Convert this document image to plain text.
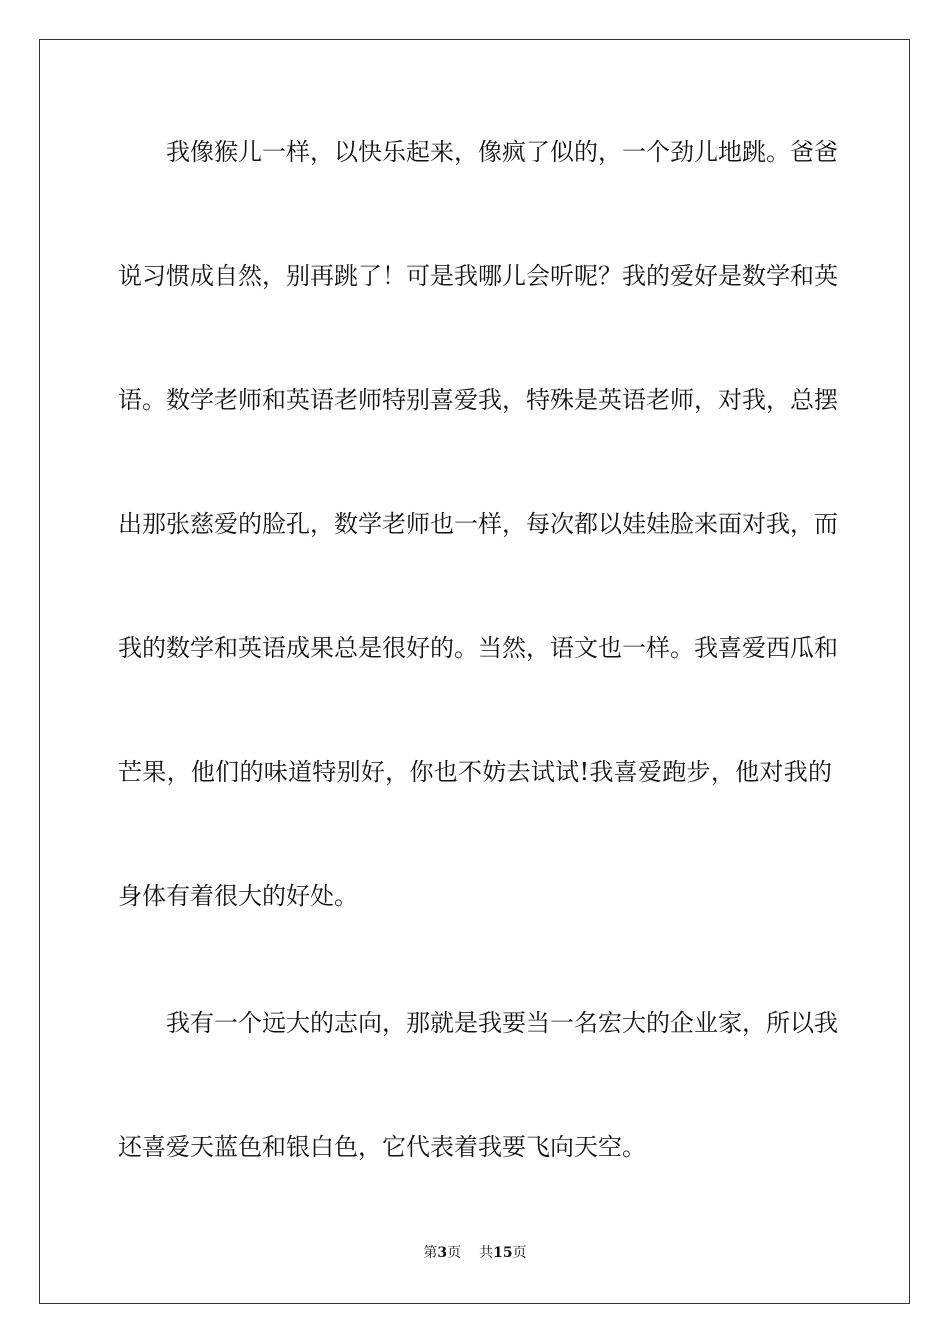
我像猴儿一样，以快乐起来，像疯了似的，一个劲儿地跳。爸爸
说习惯成自然，别再跳了！可是我哪儿会听呢？我的爱好是数学和英
语。数学老师和英语老师特别喜爱我，特殊是英语老师，对我，总摆
出那张慈爱的脸孔，数学老师也一样，每次都以娃娃脸来面对我，而
我的数学和英语成果总是很好的。当然，语文也一样。我喜爱西瓜和
芒果，他们的味道特别好，你也不妨去试试!我喜爱跑步，他对我的
身体有着很大的好处。
我有一个远大的志向，那就是我要当一名宏大的企业家，所以我
还喜爱天蓝色和银白色，它代表着我要飞向天空。
第3页 共15页
